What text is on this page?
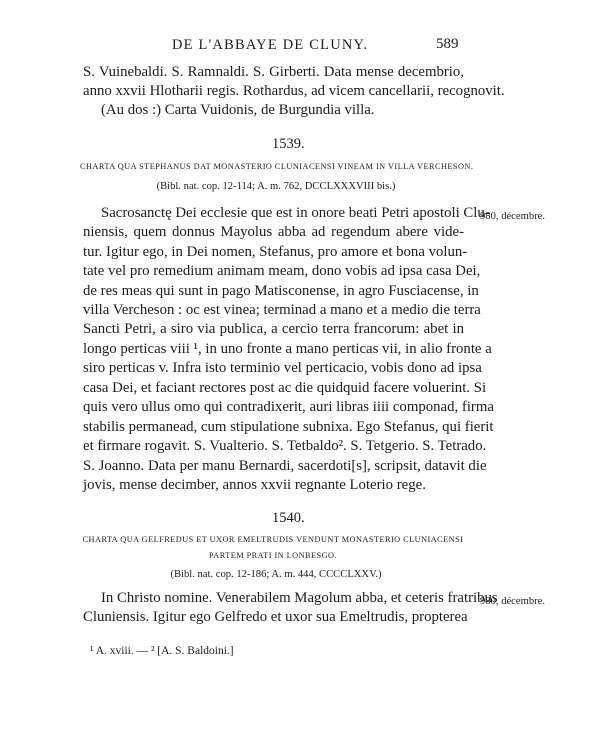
DE L'ABBAYE DE CLUNY.	589
S. Vuinebaldi. S. Ramnaldi. S. Girberti. Data mense decembrio,
anno xxvii Hlotharii regis. Rothardus, ad vicem cancellarii, recognovit.
(Au dos :) Carta Vuidonis, de Burgundia villa.
1539.
CHARTA QUA STEPHANUS DAT MONASTERIO CLUNIACENSI VINEAM IN VILLA VERCHESON.
(Bibl. nat. cop. 12-114; A. m. 762, DCCLXXXVIII bis.)
980, décembre.
Sacrosanctę Dei ecclesie que est in onore beati Petri apostoli Clu-
niensis, quem donnus Mayolus abba ad regendum abere vide-
tur. Igitur ego, in Dei nomen, Stefanus, pro amore et bona volun-
tate vel pro remedium animam meam, dono vobis ad ipsa casa Dei,
de res meas qui sunt in pago Matisconense, in agro Fusciacense, in
villa Vercheson : oc est vinea; terminad a mano et a medio die terra
Sancti Petri, a siro via publica, a cercio terra francorum: abet in
longo perticas viii ¹, in uno fronte a mano perticas vii, in alio fronte a
siro perticas v. Infra isto terminio vel perticacio, vobis dono ad ipsa
casa Dei, et faciant rectores post ac die quidquid facere voluerint. Si
quis vero ullus omo qui contradixerit, auri libras iiii componad, firma
stabilis permanead, cum stipulatione subnixa. Ego Stefanus, qui fierit
et firmare rogavit. S. Vualterio. S. Tetbaldo². S. Tetgerio. S. Tetrado.
S. Joanno. Data per manu Bernardi, sacerdoti[s], scripsit, datavit die
jovis, mense decimber, annos xxvii regnante Loterio rege.
1540.
CHARTA QUA GELFREDUS ET UXOR EMELTRUDIS VENDUNT MONASTERIO CLUNIACENSI
PARTEM PRATI IN LONBESGO.
(Bibl. nat. cop. 12-186; A. m. 444, CCCCLXXV.)
980, décembre.
In Christo nomine. Venerabilem Magolum abba, et ceteris fratribus
Cluniensis. Igitur ego Gelfredo et uxor sua Emeltrudis, propterea
¹ A. xviii. — ² [A. S. Baldoini.]
